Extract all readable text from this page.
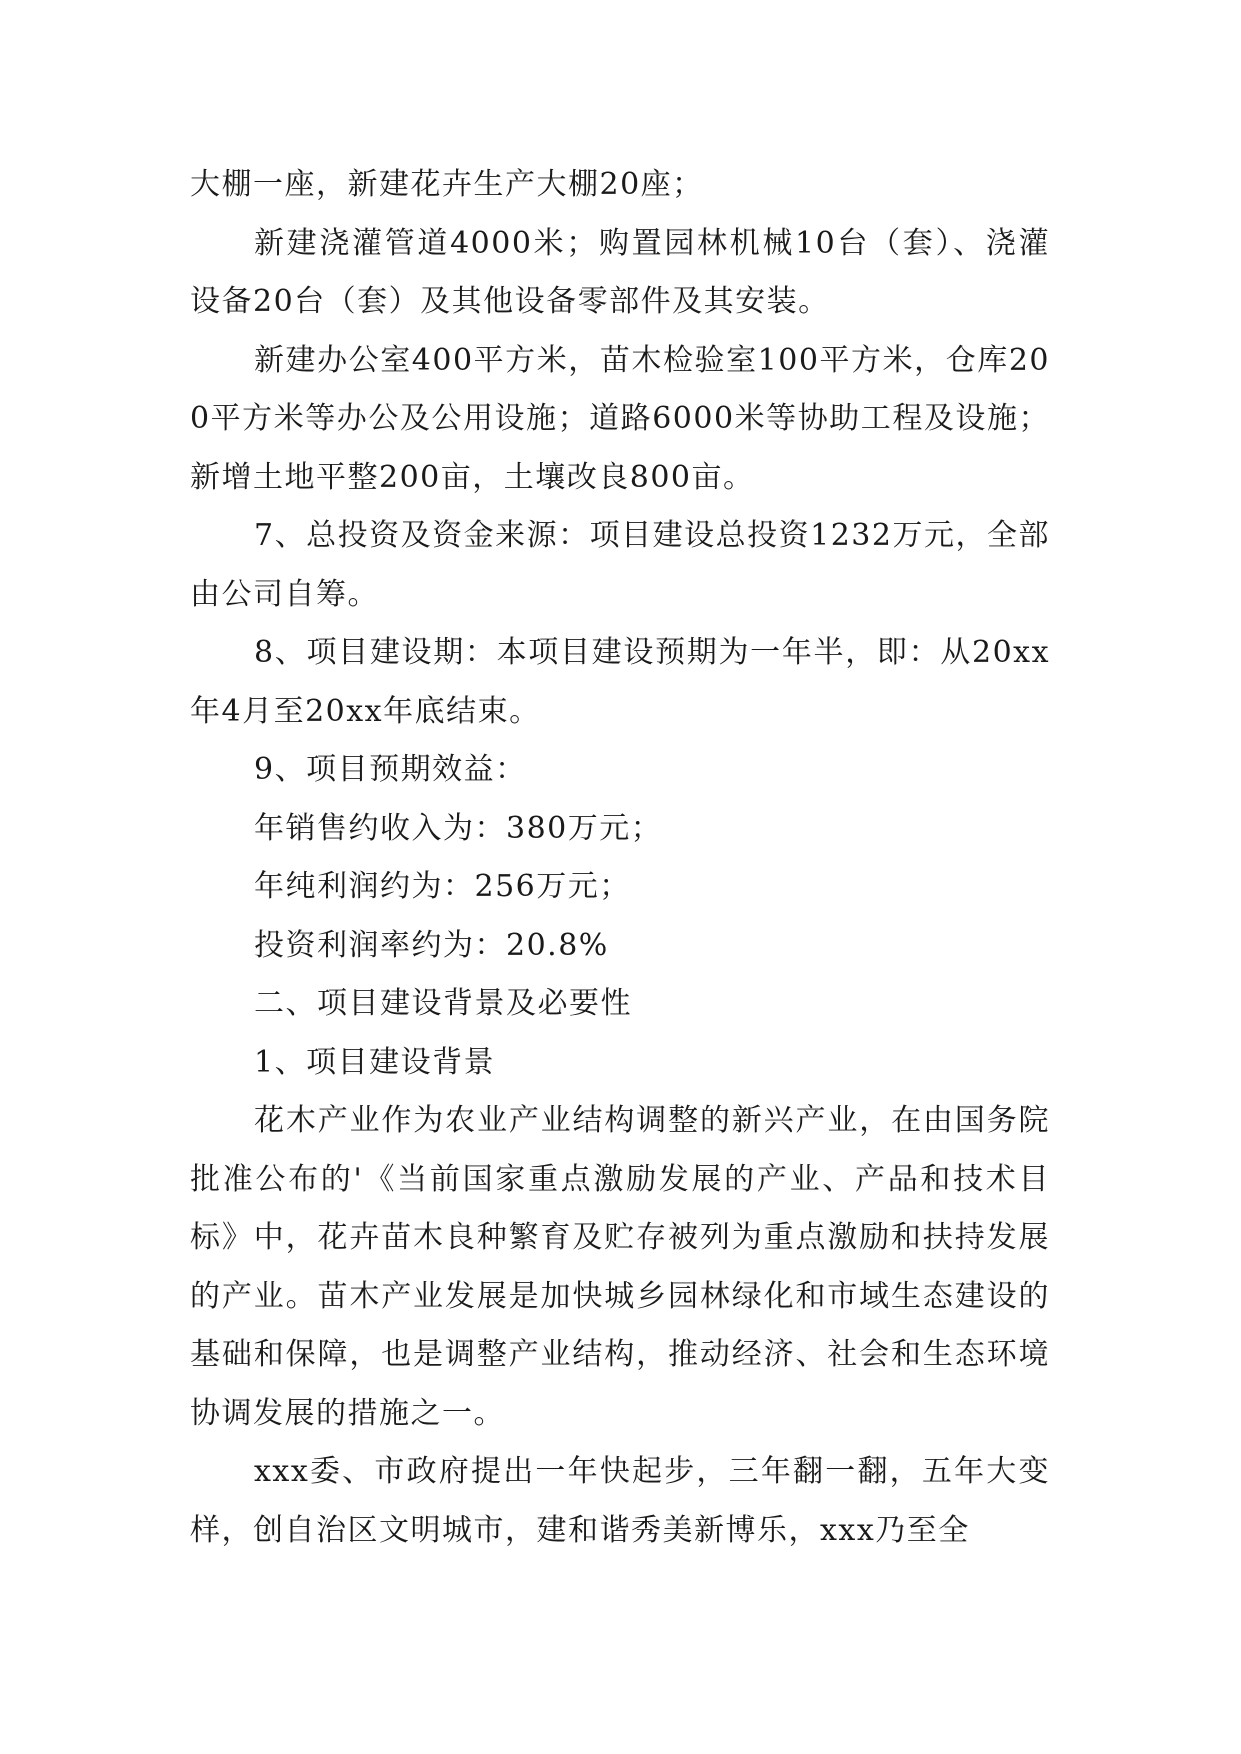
大棚一座，新建花卉生产大棚20座；

新建浇灌管道4000米；购置园林机械10台（套）、浇灌设备20台（套）及其他设备零部件及其安装。

新建办公室400平方米，苗木检验室100平方米，仓库200平方米等办公及公用设施；道路6000米等协助工程及设施；新增土地平整200亩，土壤改良800亩。

7、总投资及资金来源：项目建设总投资1232万元，全部由公司自筹。

8、项目建设期：本项目建设预期为一年半，即：从20xx年4月至20xx年底结束。

9、项目预期效益：

年销售约收入为：380万元；

年纯利润约为：256万元；

投资利润率约为：20.8%

二、项目建设背景及必要性

1、项目建设背景

花木产业作为农业产业结构调整的新兴产业，在由国务院批准公布的'《当前国家重点激励发展的产业、产品和技术目标》中，花卉苗木良种繁育及贮存被列为重点激励和扶持发展的产业。苗木产业发展是加快城乡园林绿化和市域生态建设的基础和保障，也是调整产业结构，推动经济、社会和生态环境协调发展的措施之一。

xxx委、市政府提出一年快起步，三年翻一翻，五年大变样，创自治区文明城市，建和谐秀美新博乐，xxx乃至全
